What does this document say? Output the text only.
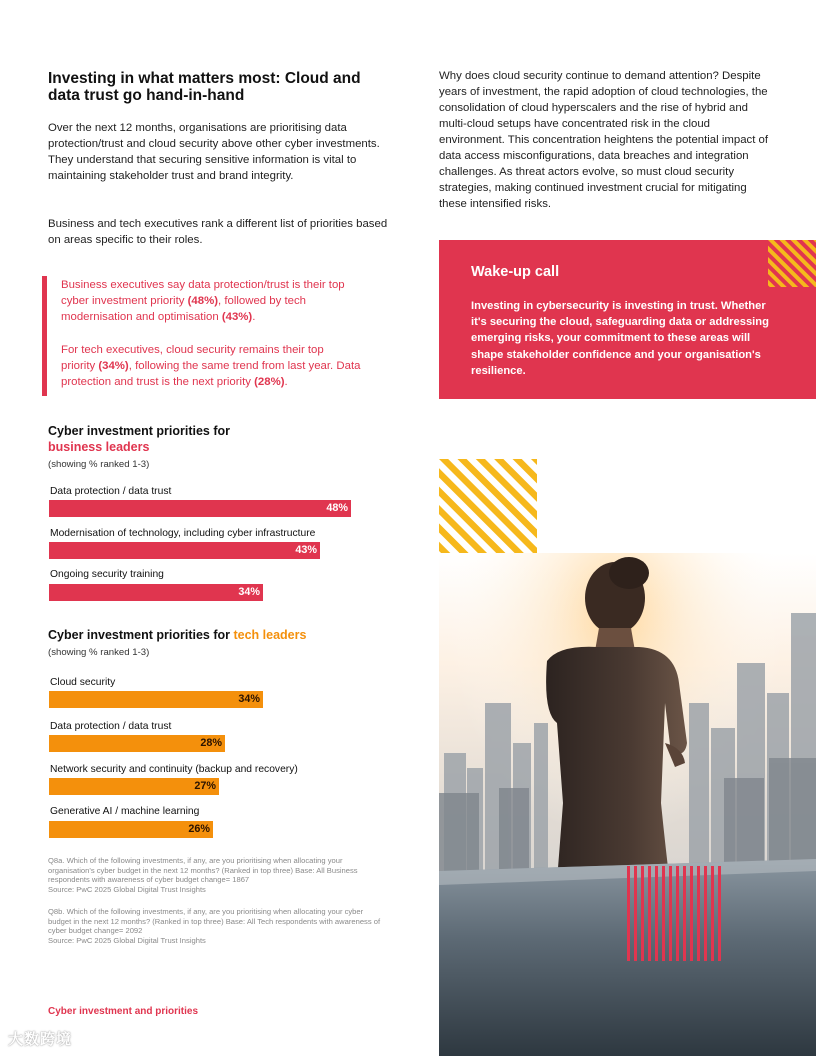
Investing in what matters most: Cloud and data trust go hand-in-hand

Over the next 12 months, organisations are prioritising data protection/trust and cloud security above other cyber investments. They understand that securing sensitive information is vital to maintaining stakeholder trust and brand integrity.

Business and tech executives rank a different list of priorities based on areas specific to their roles.

Business executives say data protection/trust is their top cyber investment priority (48%), followed by tech modernisation and optimisation (43%).

For tech executives, cloud security remains their top priority (34%), following the same trend from last year. Data protection and trust is the next priority (28%).

Cyber investment priorities for
business leaders
(showing % ranked 1-3)
Cyber investment priorities for tech leaders
(showing % ranked 1-3)
Data protection / data trust
48%
Modernisation of technology, including cyber infrastructure
43%
Ongoing security training
34%
Cloud security
34%
Data protection / data trust
28%
Network security and continuity (backup and recovery)
27%
Generative AI / machine learning
26%

Q8a. Which of the following investments, if any, are you prioritising when allocating your organisation's cyber budget in the next 12 months? (Ranked in top three) Base: All Business respondents with awareness of cyber budget change= 1867
Source: PwC 2025 Global Digital Trust Insights

Q8b. Which of the following investments, if any, are you prioritising when allocating your cyber budget in the next 12 months? (Ranked in top three) Base: All Tech respondents with awareness of cyber budget change= 2092
Source: PwC 2025 Global Digital Trust Insights

Cyber investment and priorities
大数跨境

Why does cloud security continue to demand attention? Despite years of investment, the rapid adoption of cloud technologies, the consolidation of cloud hyperscalers and the rise of hybrid and multi-cloud setups have concentrated risk in the cloud environment. This concentration heightens the potential impact of data access misconfigurations, data breaches and integration challenges. As threat actors evolve, so must cloud security strategies, making continued investment crucial for mitigating these intensified risks.

Wake-up call

Investing in cybersecurity is investing in trust. Whether it's securing the cloud, safeguarding data or addressing emerging risks, your commitment to these areas will shape stakeholder confidence and your organisation's resilience.
